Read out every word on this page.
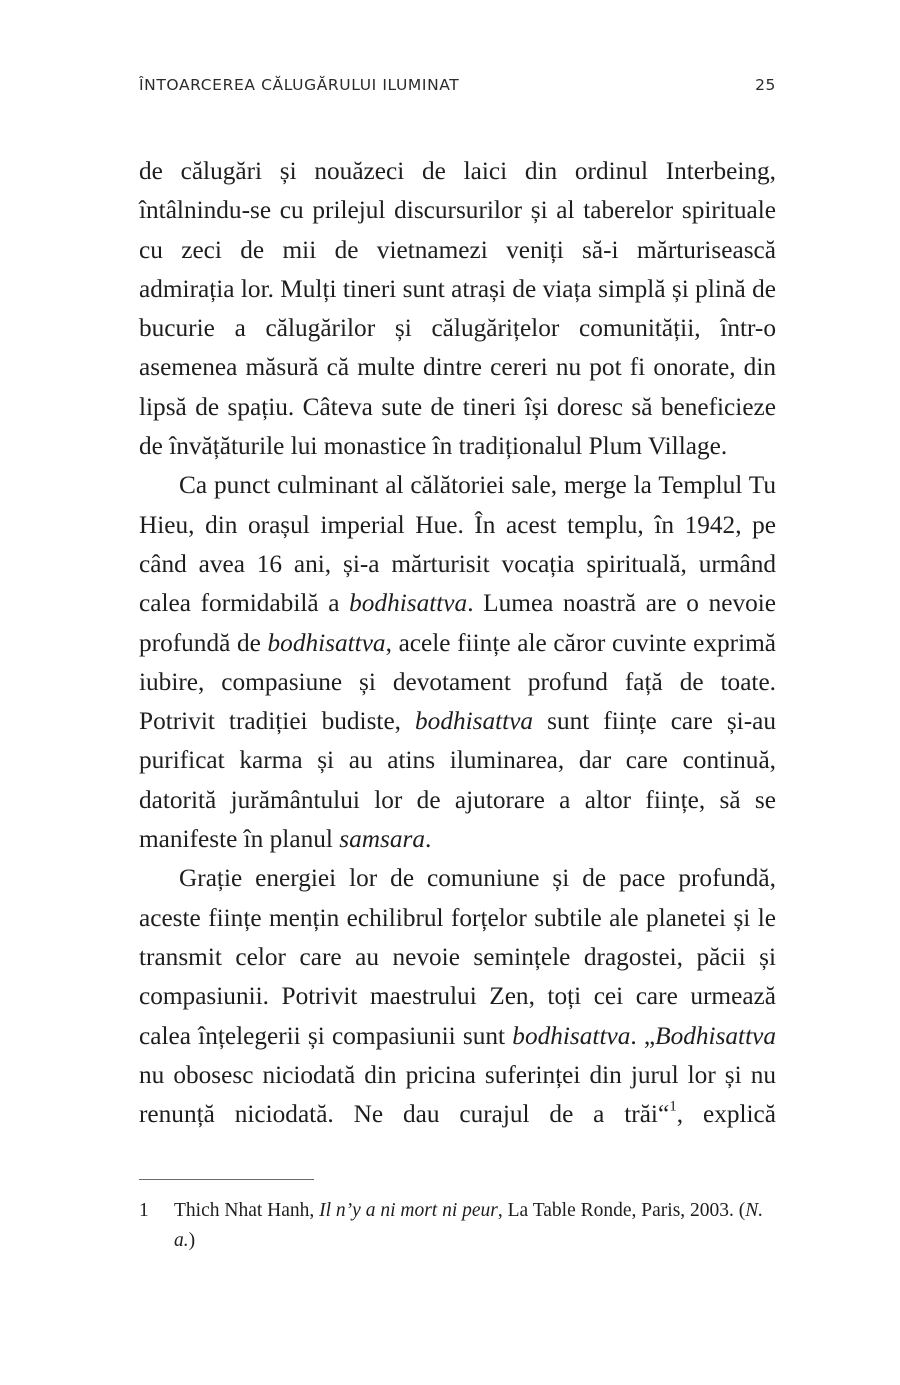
ÎNTOARCEREA CĂLUGĂRULUI ILUMINAT	25

de călugări și nouăzeci de laici din ordinul Interbeing, întâlnindu-se cu prilejul discursurilor și al taberelor spirituale cu zeci de mii de vietnamezi veniți să-i mărturisească admirația lor. Mulți tineri sunt atrași de viața simplă și plină de bucurie a călugărilor și călugărițelor comunității, într-o asemenea măsură că multe dintre cereri nu pot fi onorate, din lipsă de spațiu. Câteva sute de tineri își doresc să beneficieze de învățăturile lui monastice în tradiționalul Plum Village.

Ca punct culminant al călătoriei sale, merge la Templul Tu Hieu, din orașul imperial Hue. În acest templu, în 1942, pe când avea 16 ani, și-a mărturisit vocația spirituală, urmând calea formidabilă a bodhisattva. Lumea noastră are o nevoie profundă de bodhisattva, acele ființe ale căror cuvinte exprimă iubire, compasiune și devotament profund față de toate. Potrivit tradiției budiste, bodhisattva sunt ființe care și-au purificat karma și au atins iluminarea, dar care continuă, datorită jurământului lor de ajutorare a altor ființe, să se manifeste în planul samsara.

Grație energiei lor de comuniune și de pace profundă, aceste ființe mențin echilibrul forțelor subtile ale planetei și le transmit celor care au nevoie semințele dragostei, păcii și compasiunii. Potrivit maestrului Zen, toți cei care urmează calea înțelegerii și compasiunii sunt bodhisattva. „Bodhisattva nu obosesc niciodată din pricina suferinței din jurul lor și nu renunță niciodată. Ne dau curajul de a trăi“$^1$, explică

1	Thich Nhat Hanh, Il n’y a ni mort ni peur, La Table Ronde, Paris, 2003. (N. a.)
